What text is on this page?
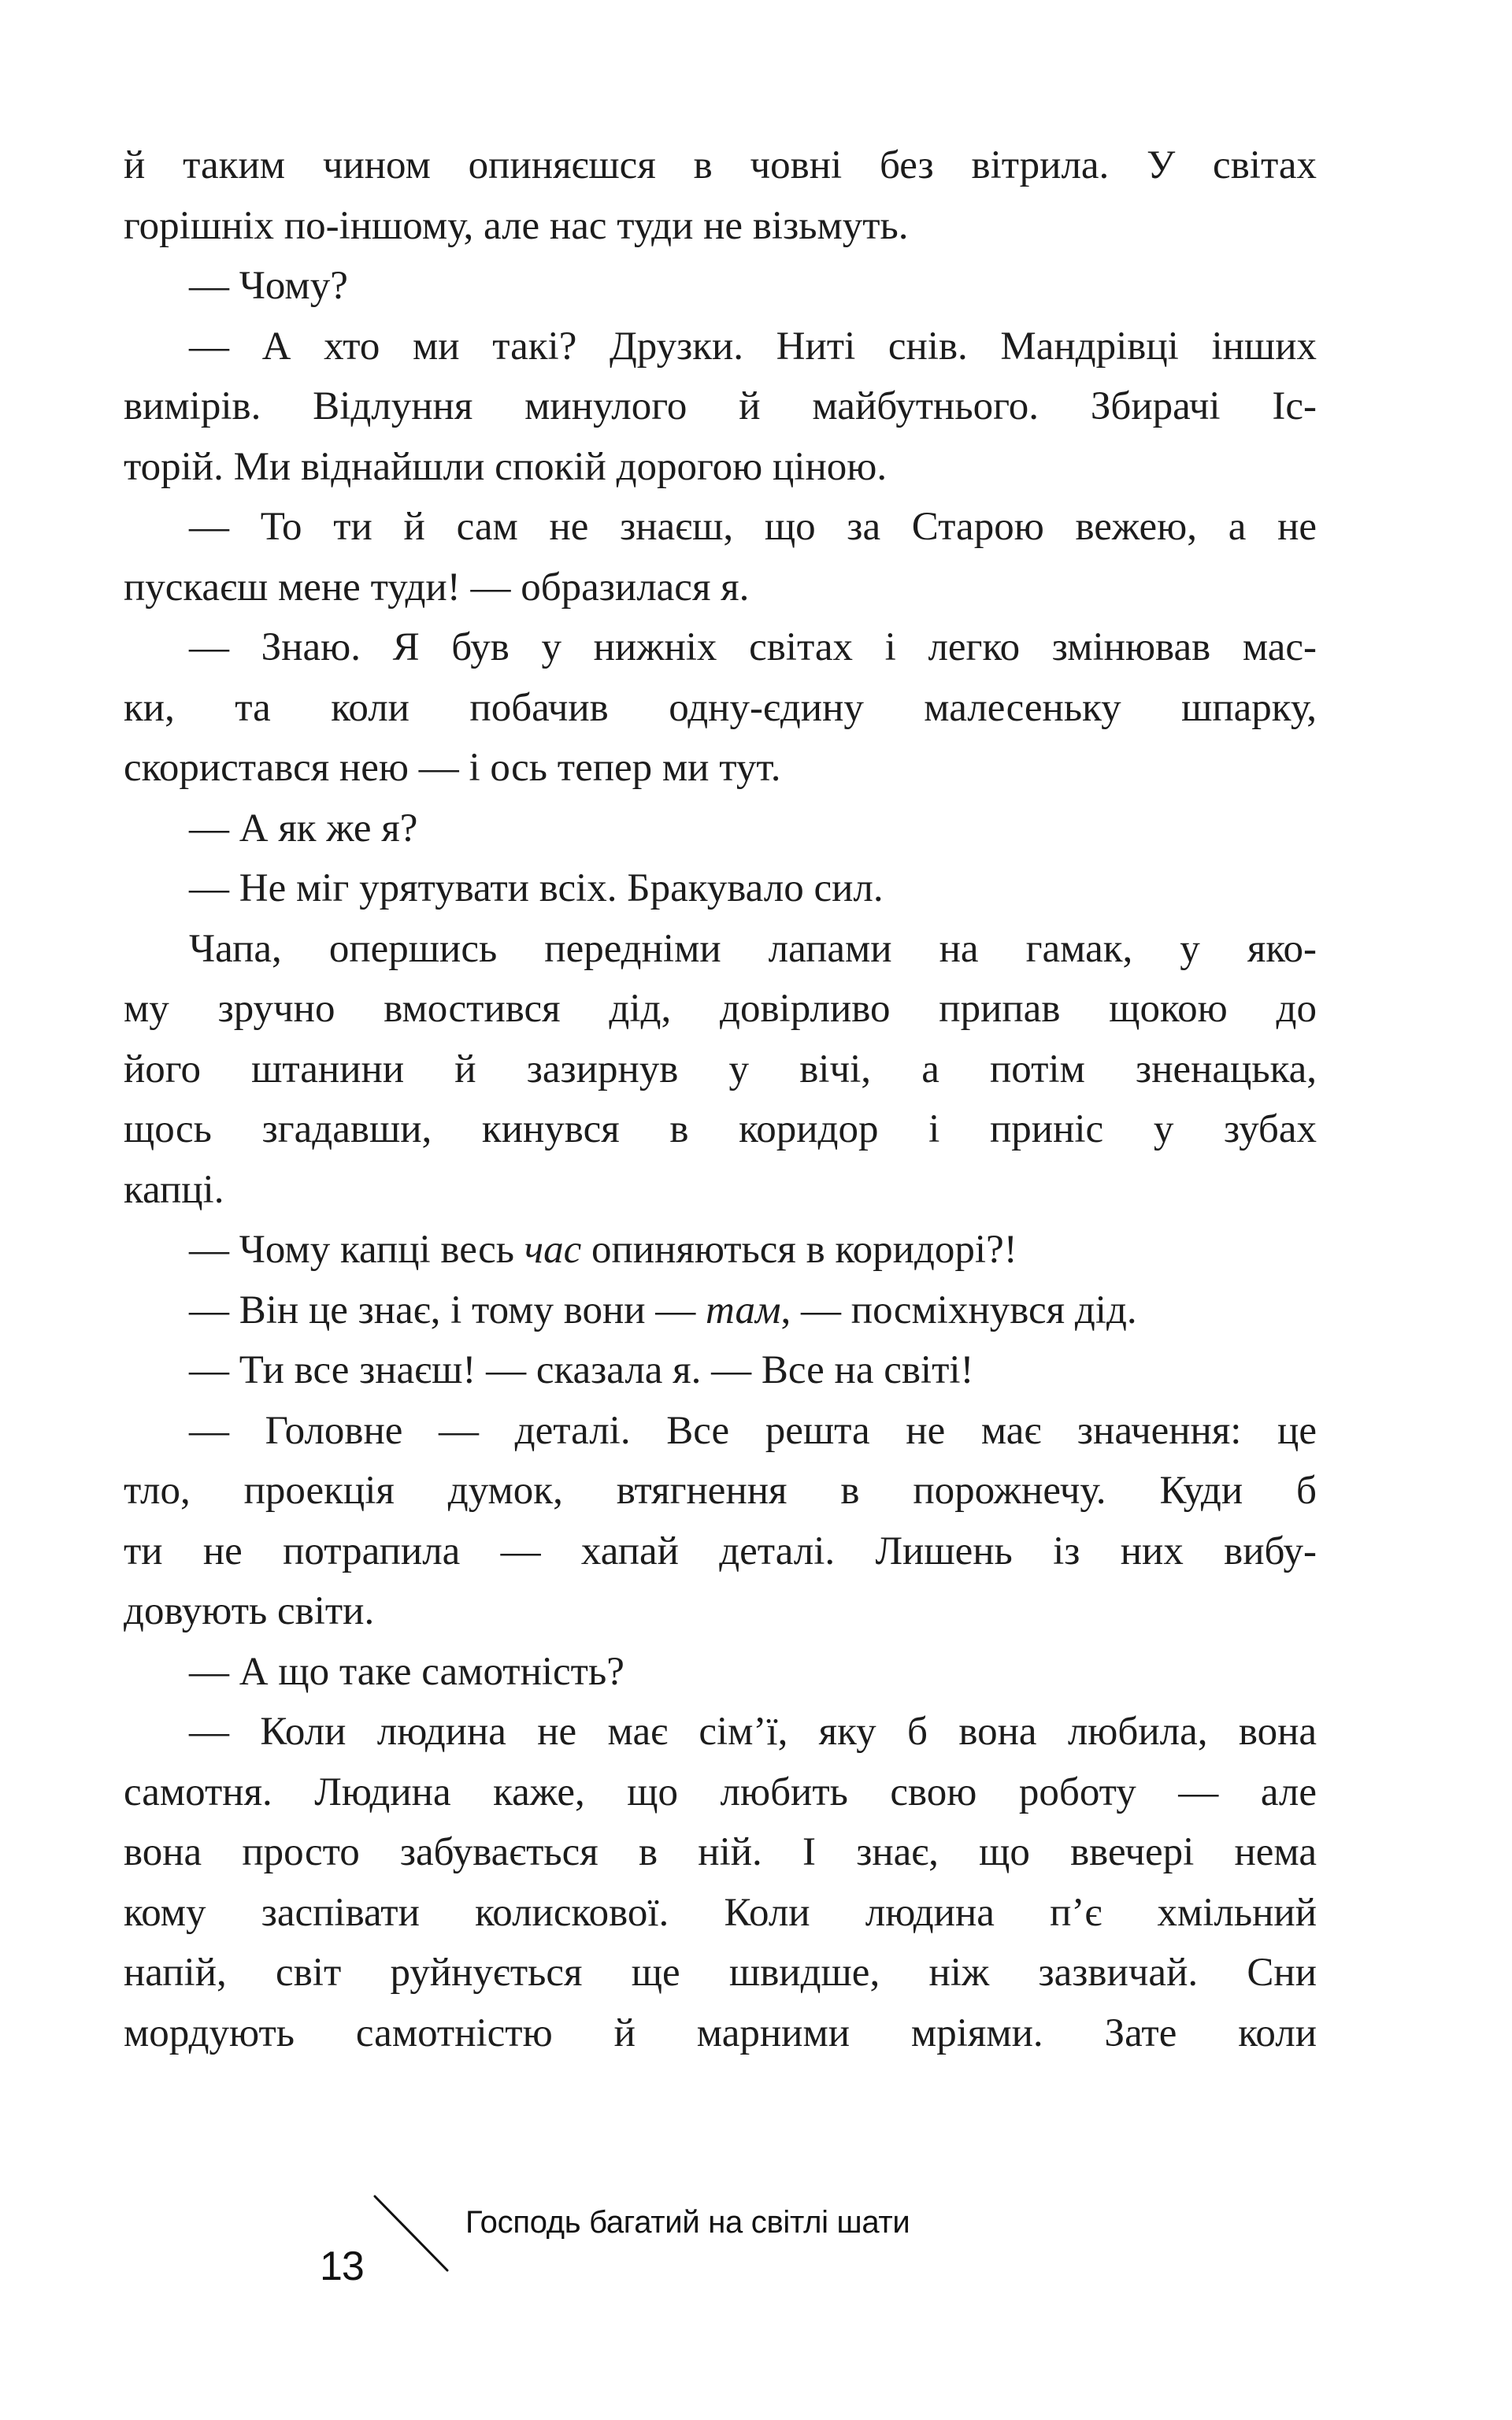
й таким чином опиняєшся в човні без вітрила. У світах
горішніх по-іншому, але нас туди не візьмуть.
— Чому?
— А хто ми такі? Друзки. Ниті снів. Мандрівці інших
вимірів. Відлуння минулого й майбутнього. Збирачі Іс-
торій. Ми віднайшли спокій дорогою ціною.
— То ти й сам не знаєш, що за Старою вежею, а не
пускаєш мене туди! — образилася я.
— Знаю. Я був у нижніх світах і легко змінював мас-
ки, та коли побачив одну-єдину малесеньку шпарку,
скористався нею — і ось тепер ми тут.
— А як же я?
— Не міг урятувати всіх. Бракувало сил.
Чапа, опершись передніми лапами на гамак, у яко-
му зручно вмостився дід, довірливо припав щокою до
його штанини й зазирнув у вічі, а потім зненацька,
щось згадавши, кинувся в коридор і приніс у зубах
капці.
— Чому капці весь час опиняються в коридорі?!
— Він це знає, і тому вони — там, — посміхнувся дід.
— Ти все знаєш! — сказала я. — Все на світі!
— Головне — деталі. Все решта не має значення: це
тло, проекція думок, втягнення в порожнечу. Куди б
ти не потрапила — хапай деталі. Лишень із них вибу-
довують світи.
— А що таке самотність?
— Коли людина не має сім’ї, яку б вона любила, вона
самотня. Людина каже, що любить свою роботу — але
вона просто забувається в ній. І знає, що ввечері нема
кому заспівати колискової. Коли людина п’є хмільний
напій, світ руйнується ще швидше, ніж зазвичай. Сни
мордують самотністю й марними мріями. Зате коли
13
Господь багатий на світлі шати
